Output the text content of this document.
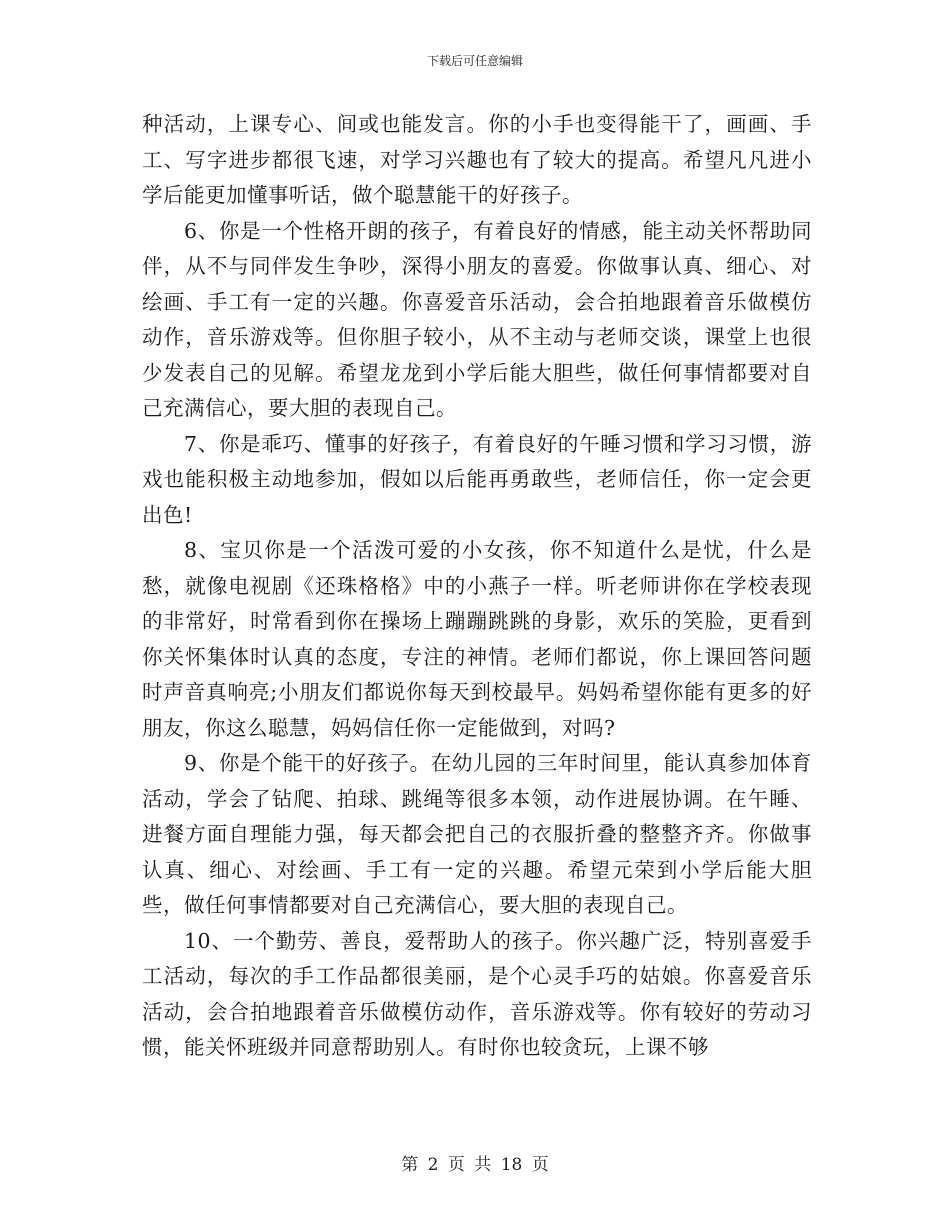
下载后可任意编辑

种活动，上课专心、间或也能发言。你的小手也变得能干了，画画、手工、写字进步都很飞速，对学习兴趣也有了较大的提高。希望凡凡进小学后能更加懂事听话，做个聪慧能干的好孩子。

6、你是一个性格开朗的孩子，有着良好的情感，能主动关怀帮助同伴，从不与同伴发生争吵，深得小朋友的喜爱。你做事认真、细心、对绘画、手工有一定的兴趣。你喜爱音乐活动，会合拍地跟着音乐做模仿动作，音乐游戏等。但你胆子较小，从不主动与老师交谈，课堂上也很少发表自己的见解。希望龙龙到小学后能大胆些，做任何事情都要对自己充满信心，要大胆的表现自己。

7、你是乖巧、懂事的好孩子，有着良好的午睡习惯和学习习惯，游戏也能积极主动地参加，假如以后能再勇敢些，老师信任，你一定会更出色!

8、宝贝你是一个活泼可爱的小女孩，你不知道什么是忧，什么是愁，就像电视剧《还珠格格》中的小燕子一样。听老师讲你在学校表现的非常好，时常看到你在操场上蹦蹦跳跳的身影，欢乐的笑脸，更看到你关怀集体时认真的态度，专注的神情。老师们都说，你上课回答问题时声音真响亮;小朋友们都说你每天到校最早。妈妈希望你能有更多的好朋友，你这么聪慧，妈妈信任你一定能做到，对吗?

9、你是个能干的好孩子。在幼儿园的三年时间里，能认真参加体育活动，学会了钻爬、拍球、跳绳等很多本领，动作进展协调。在午睡、进餐方面自理能力强，每天都会把自己的衣服折叠的整整齐齐。你做事认真、细心、对绘画、手工有一定的兴趣。希望元荣到小学后能大胆些，做任何事情都要对自己充满信心，要大胆的表现自己。

10、一个勤劳、善良，爱帮助人的孩子。你兴趣广泛，特别喜爱手工活动，每次的手工作品都很美丽，是个心灵手巧的姑娘。你喜爱音乐活动，会合拍地跟着音乐做模仿动作，音乐游戏等。你有较好的劳动习惯，能关怀班级并同意帮助别人。有时你也较贪玩，上课不够

第 2 页 共 18 页
